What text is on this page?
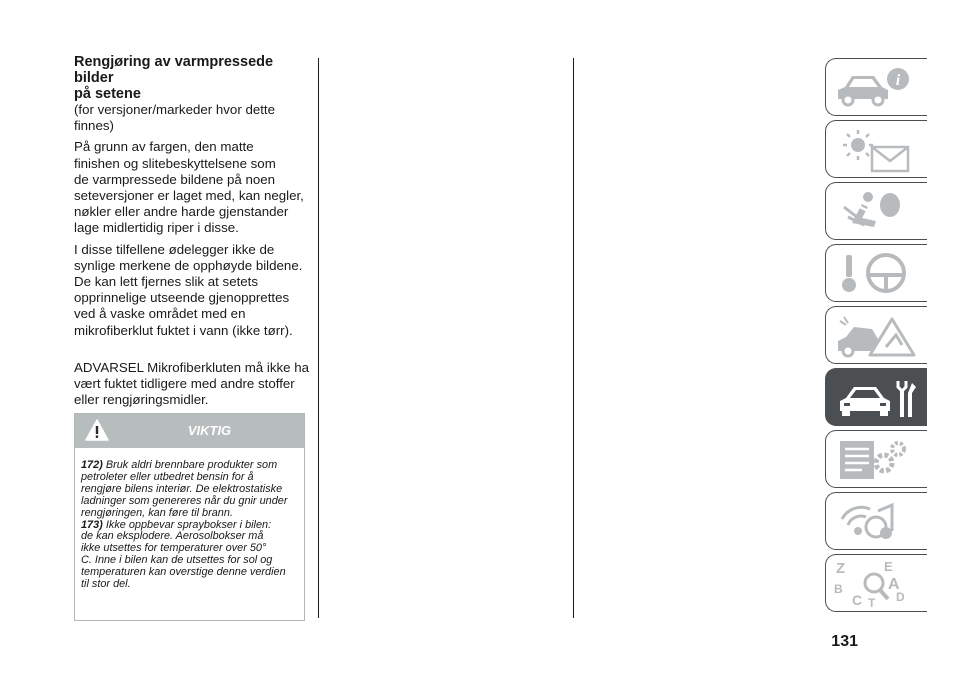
Rengjøring av varmpressede bilder
på setene

(for versjoner/markeder hvor dette
finnes)

På grunn av fargen, den matte
finishen og slitebeskyttelsene som
de varmpressede bildene på noen
seteversjoner er laget med, kan negler,
nøkler eller andre harde gjenstander
lage midlertidig riper i disse.

I disse tilfellene ødelegger ikke de
synlige merkene de opphøyde bildene.
De kan lett fjernes slik at setets
opprinnelige utseende gjenopprettes
ved å vaske området med en
mikrofiberklut fuktet i vann (ikke tørr).

ADVARSEL Mikrofiberkluten må ikke ha
vært fuktet tidligere med andre stoffer
eller rengjøringsmidler.

VIKTIG

172) Bruk aldri brennbare produkter som
petroleter eller utbedret bensin for å
rengjøre bilens interiør. De elektrostatiske
ladninger som genereres når du gnir under
rengjøringen, kan føre til brann.

173) Ikke oppbevar spraybokser i bilen:
de kan eksplodere. Aerosolbokser må
ikke utsettes for temperaturer over 50°
C. Inne i bilen kan de utsettes for sol og
temperaturen kan overstige denne verdien
til stor del.

131
i
Z	E
B	A
C	D
T
